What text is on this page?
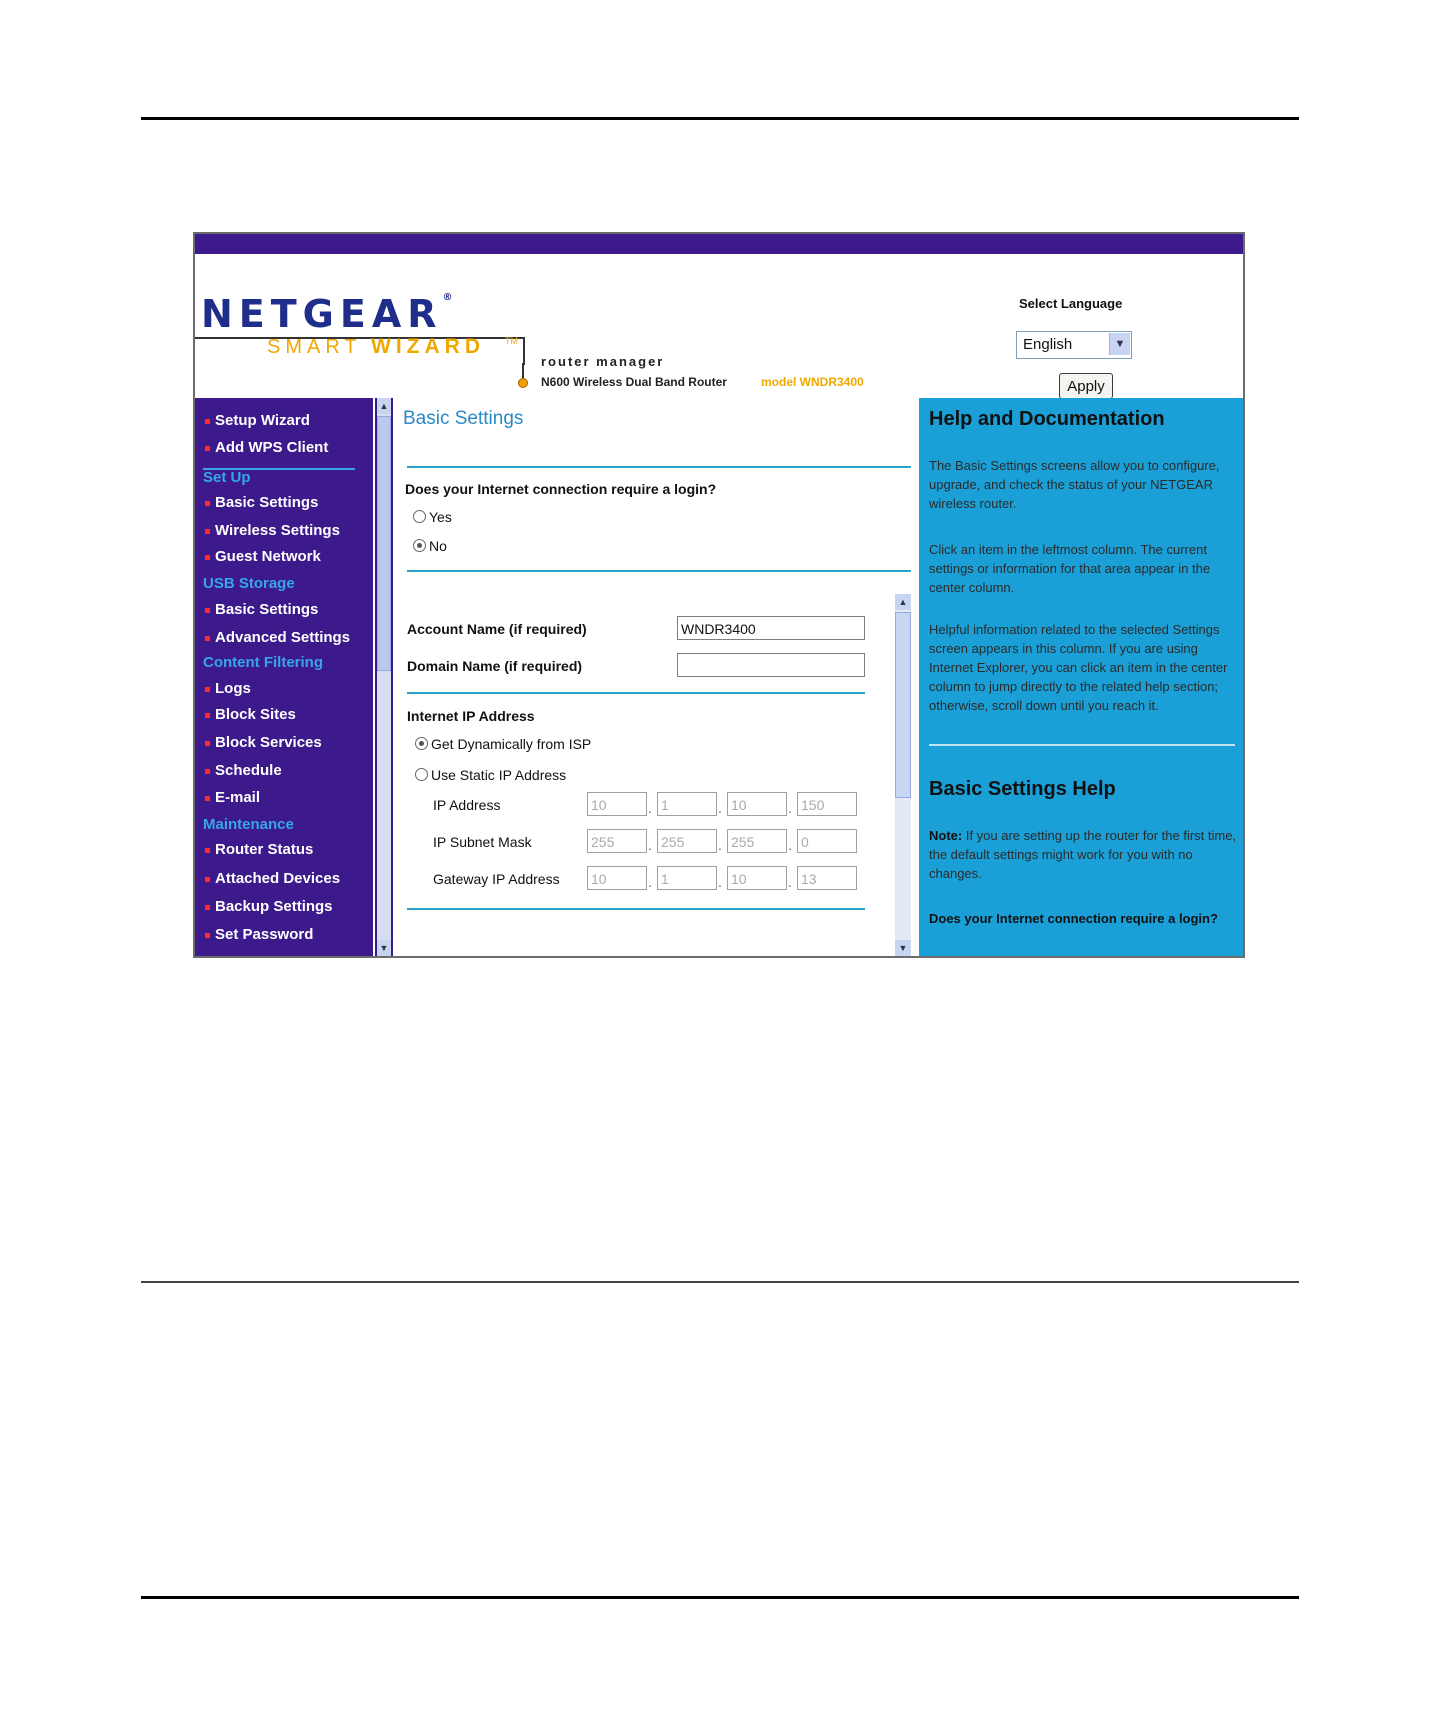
NETGEAR®
SMART WIZARD TM
router manager
N600 Wireless Dual Band Router	model WNDR3400
Select Language
English	▼
Apply
Setup Wizard
Add WPS Client
Set Up
Basic Settings
Wireless Settings
Guest Network
USB Storage
Basic Settings
Advanced Settings
Content Filtering
Logs
Block Sites
Block Services
Schedule
E-mail
Maintenance
Router Status
Attached Devices
Backup Settings
Set Password
▲
▼
Basic Settings
Does your Internet connection require a login?
Yes
No
Account Name (if required)	WNDR3400
Domain Name (if required)
Internet IP Address
Get Dynamically from ISP
Use Static IP Address
IP Address	10	. 1	. 10	. 150
IP Subnet Mask	255	. 255	. 255	. 0
Gateway IP Address 10	. 1	. 10	. 13
▲
▼
Help and Documentation
The Basic Settings screens allow you to configure, upgrade, and check the status of your NETGEAR wireless router.
Click an item in the leftmost column. The current settings or information for that area appear in the center column.
Helpful information related to the selected Settings screen appears in this column. If you are using Internet Explorer, you can click an item in the center column to jump directly to the related help section; otherwise, scroll down until you reach it.
Basic Settings Help
Note: If you are setting up the router for the first time, the default settings might work for you with no changes.
Does your Internet connection require a login?
